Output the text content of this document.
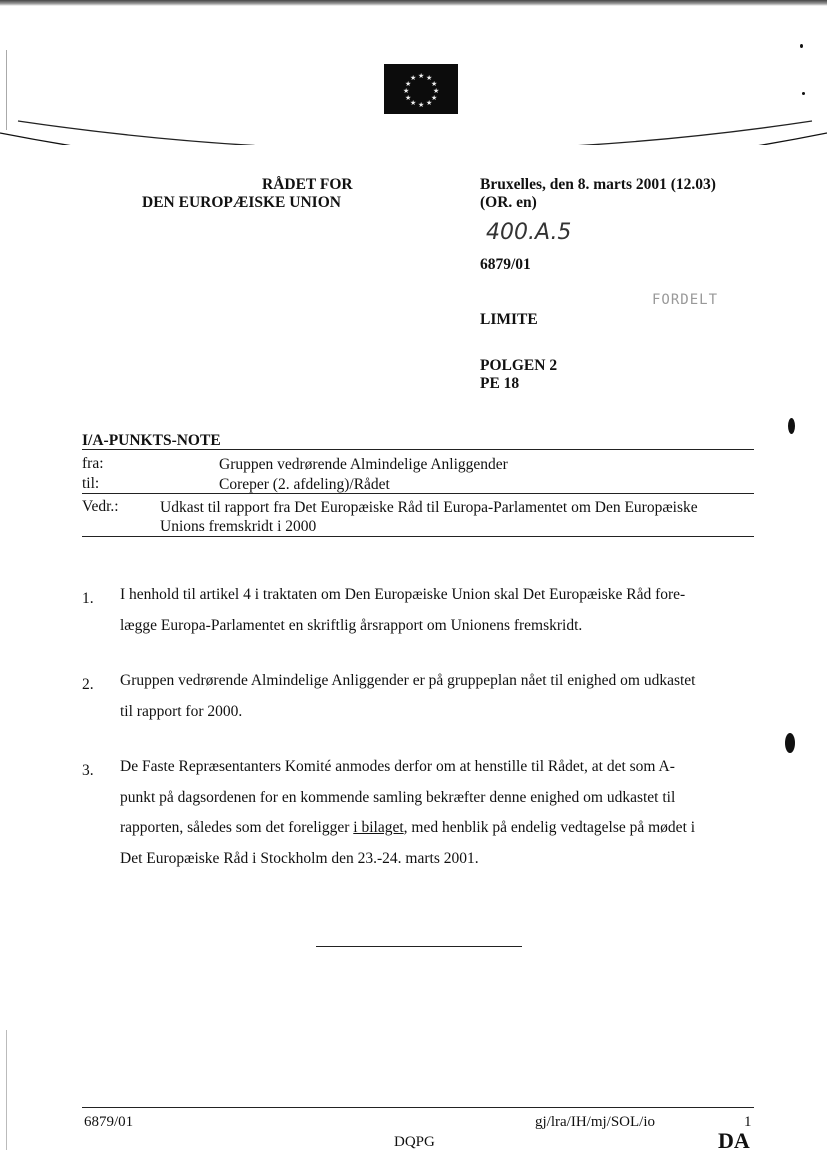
★ ★
★
★
★
★
★
★
★
★
★
★
RÅDET FOR
DEN EUROPÆISKE UNION
Bruxelles, den 8. marts 2001 (12.03)
(OR. en)
400.A.5
6879/01
FORDELT
LIMITE
POLGEN 2
PE 18
I/A-PUNKTS-NOTE
fra:	Gruppen vedrørende Almindelige Anliggender
til:	Coreper (2. afdeling)/Rådet
Vedr.:	Udkast til rapport fra Det Europæiske Råd til Europa-Parlamentet om Den Europæiske
Unions fremskridt i 2000
1. I henhold til artikel 4 i traktaten om Den Europæiske Union skal Det Europæiske Råd fore-
lægge Europa-Parlamentet en skriftlig årsrapport om Unionens fremskridt.
2. Gruppen vedrørende Almindelige Anliggender er på gruppeplan nået til enighed om udkastet
til rapport for 2000.
3. De Faste Repræsentanters Komité anmodes derfor om at henstille til Rådet, at det som A-
punkt på dagsordenen for en kommende samling bekræfter denne enighed om udkastet til
rapporten, således som det foreligger i bilaget, med henblik på endelig vedtagelse på mødet i
Det Europæiske Råd i Stockholm den 23.-24. marts 2001.
6879/01	gj/lra/IH/mj/SOL/io	1
DQPG	DA
